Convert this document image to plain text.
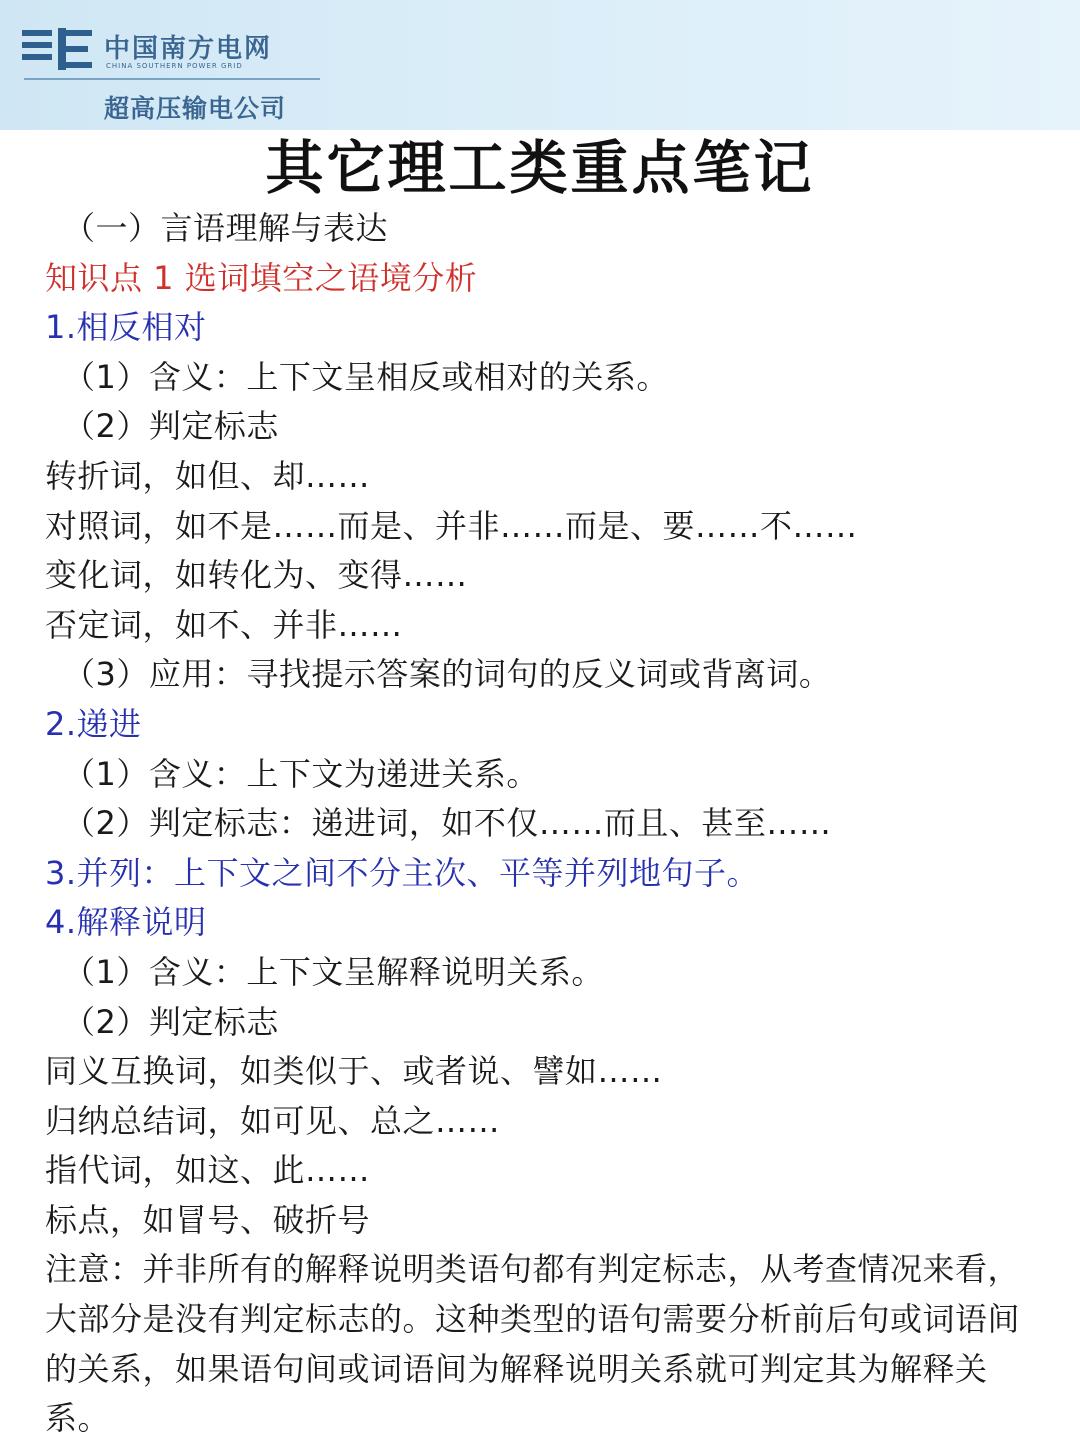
中国南方电网
CHINA SOUTHERN POWER GRID
超高压输电公司
其它理工类重点笔记
（一）言语理解与表达
知识点 1 选词填空之语境分析
1.相反相对
（1）含义：上下文呈相反或相对的关系。
（2）判定标志
转折词，如但、却……
对照词，如不是……而是、并非……而是、要……不……
变化词，如转化为、变得……
否定词，如不、并非……
（3）应用：寻找提示答案的词句的反义词或背离词。
2.递进
（1）含义：上下文为递进关系。
（2）判定标志：递进词，如不仅……而且、甚至……
3.并列：上下文之间不分主次、平等并列地句子。
4.解释说明
（1）含义：上下文呈解释说明关系。
（2）判定标志
同义互换词，如类似于、或者说、譬如……
归纳总结词，如可见、总之……
指代词，如这、此……
标点，如冒号、破折号
注意：并非所有的解释说明类语句都有判定标志，从考查情况来看，大部分是没有判定标志的。这种类型的语句需要分析前后句或词语间的关系，如果语句间或词语间为解释说明关系就可判定其为解释关系。
